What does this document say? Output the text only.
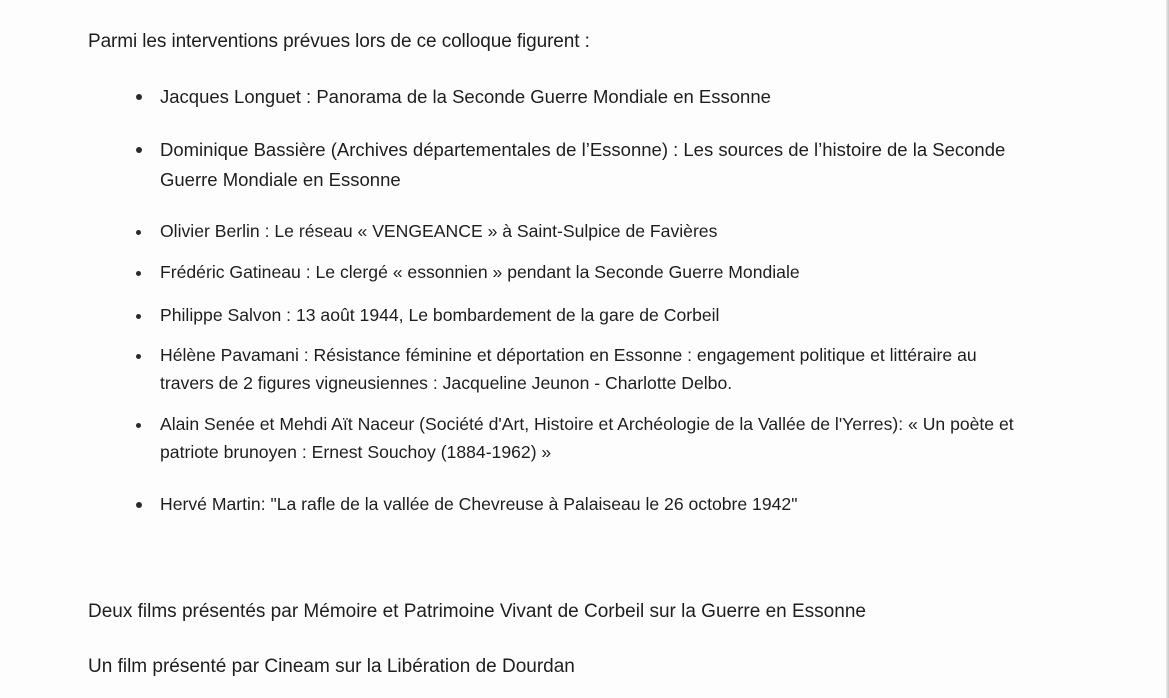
Parmi les interventions prévues lors de ce colloque figurent :
Jacques Longuet : Panorama de la Seconde Guerre Mondiale en Essonne
Dominique Bassière (Archives départementales de l’Essonne) : Les sources de l’histoire de la Seconde
Guerre Mondiale en Essonne
Olivier Berlin : Le réseau « VENGEANCE » à Saint-Sulpice de Favières
Frédéric Gatineau : Le clergé « essonnien » pendant la Seconde Guerre Mondiale
Philippe Salvon : 13 août 1944, Le bombardement de la gare de Corbeil
Hélène Pavamani : Résistance féminine et déportation en Essonne : engagement politique et littéraire au
travers de 2 figures vigneusiennes : Jacqueline Jeunon - Charlotte Delbo.
Alain Senée et Mehdi Aït Naceur (Société d'Art, Histoire et Archéologie de la Vallée de l'Yerres): « Un poète et
patriote brunoyen : Ernest Souchoy (1884-1962) »
Hervé Martin: "La rafle de la vallée de Chevreuse à Palaiseau le 26 octobre 1942"
Deux films présentés par Mémoire et Patrimoine Vivant de Corbeil sur la Guerre en Essonne
Un film présenté par Cineam sur la Libération de Dourdan
